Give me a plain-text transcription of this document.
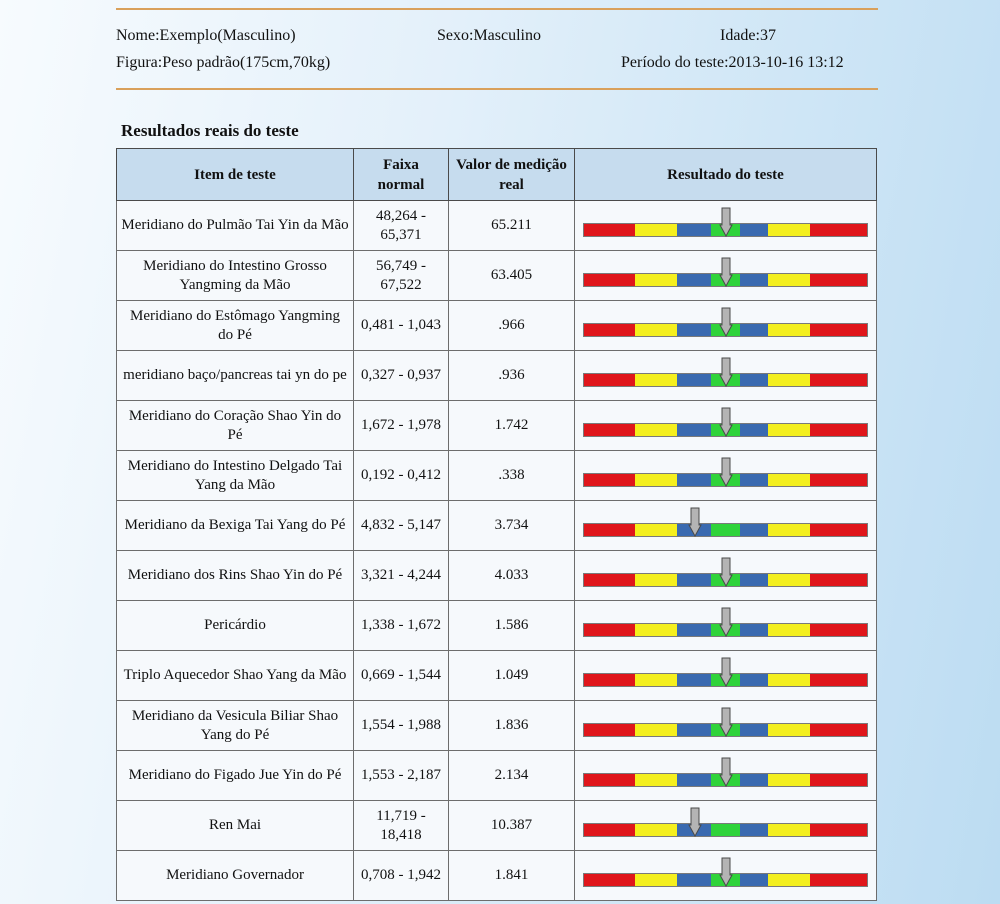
Nome:Exemplo(Masculino)	Sexo:Masculino	Idade:37
Figura:Peso padrão(175cm,70kg)	Período do teste:2013-10-16 13:12
Resultados reais do teste
Item de teste	Faixa normal	Valor de medição real	Resultado do teste
Meridiano do Pulmão Tai Yin da Mão	48,264 - 65,371	65.211	

Meridiano do Intestino Grosso Yangming da Mão	56,749 - 67,522	63.405	

Meridiano do Estômago Yangming do Pé	0,481 - 1,043	.966	

meridiano baço/pancreas tai yn do pe	0,327 - 0,937	.936	

Meridiano do Coração Shao Yin do Pé	1,672 - 1,978	1.742	

Meridiano do Intestino Delgado Tai Yang da Mão	0,192 - 0,412	.338	

Meridiano da Bexiga Tai Yang do Pé	4,832 - 5,147	3.734	

Meridiano dos Rins Shao Yin do Pé	3,321 - 4,244	4.033	

Pericárdio	1,338 - 1,672	1.586	

Triplo Aquecedor Shao Yang da Mão	0,669 - 1,544	1.049	

Meridiano da Vesicula Biliar Shao Yang do Pé	1,554 - 1,988	1.836	

Meridiano do Figado Jue Yin do Pé	1,553 - 2,187	2.134	

Ren Mai	11,719 - 18,418	10.387	

Meridiano Governador	0,708 - 1,942	1.841	
